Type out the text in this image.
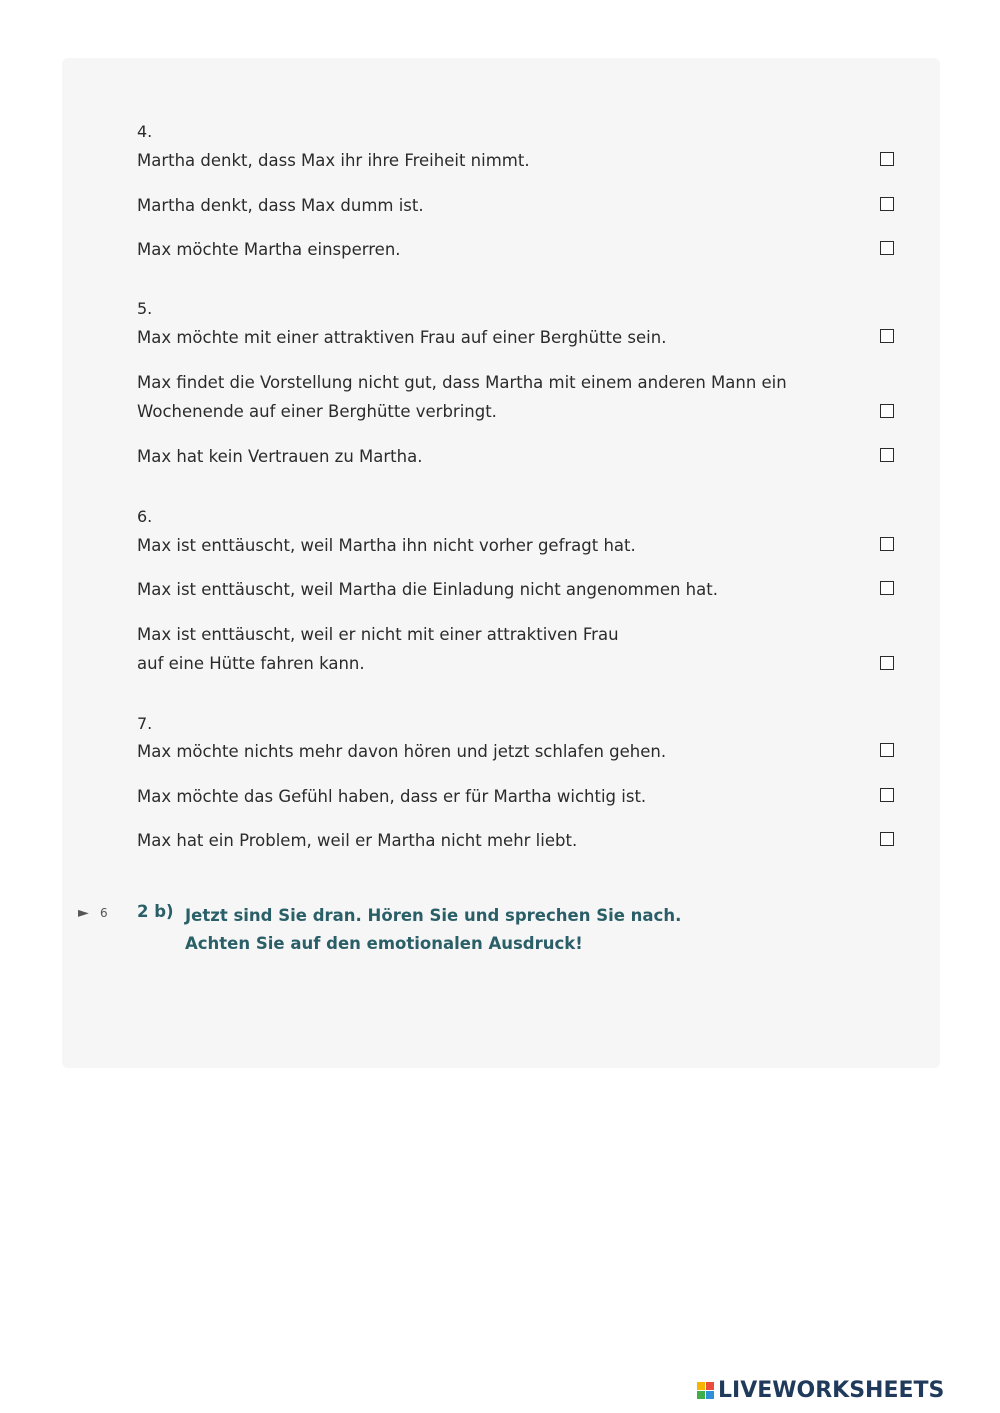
4.
Martha denkt, dass Max ihr ihre Freiheit nimmt.
Martha denkt, dass Max dumm ist.
Max möchte Martha einsperren.
5.
Max möchte mit einer attraktiven Frau auf einer Berghütte sein.
Max findet die Vorstellung nicht gut, dass Martha mit einem anderen Mann ein
Wochenende auf einer Berghütte verbringt.
Max hat kein Vertrauen zu Martha.
6.
Max ist enttäuscht, weil Martha ihn nicht vorher gefragt hat.
Max ist enttäuscht, weil Martha die Einladung nicht angenommen hat.
Max ist enttäuscht, weil er nicht mit einer attraktiven Frau
auf eine Hütte fahren kann.
7.
Max möchte nichts mehr davon hören und jetzt schlafen gehen.
Max möchte das Gefühl haben, dass er für Martha wichtig ist.
Max hat ein Problem, weil er Martha nicht mehr liebt.
► 6 2 b) Jetzt sind Sie dran. Hören Sie und sprechen Sie nach.
Achten Sie auf den emotionalen Ausdruck!
LIVEWORKSHEETS
